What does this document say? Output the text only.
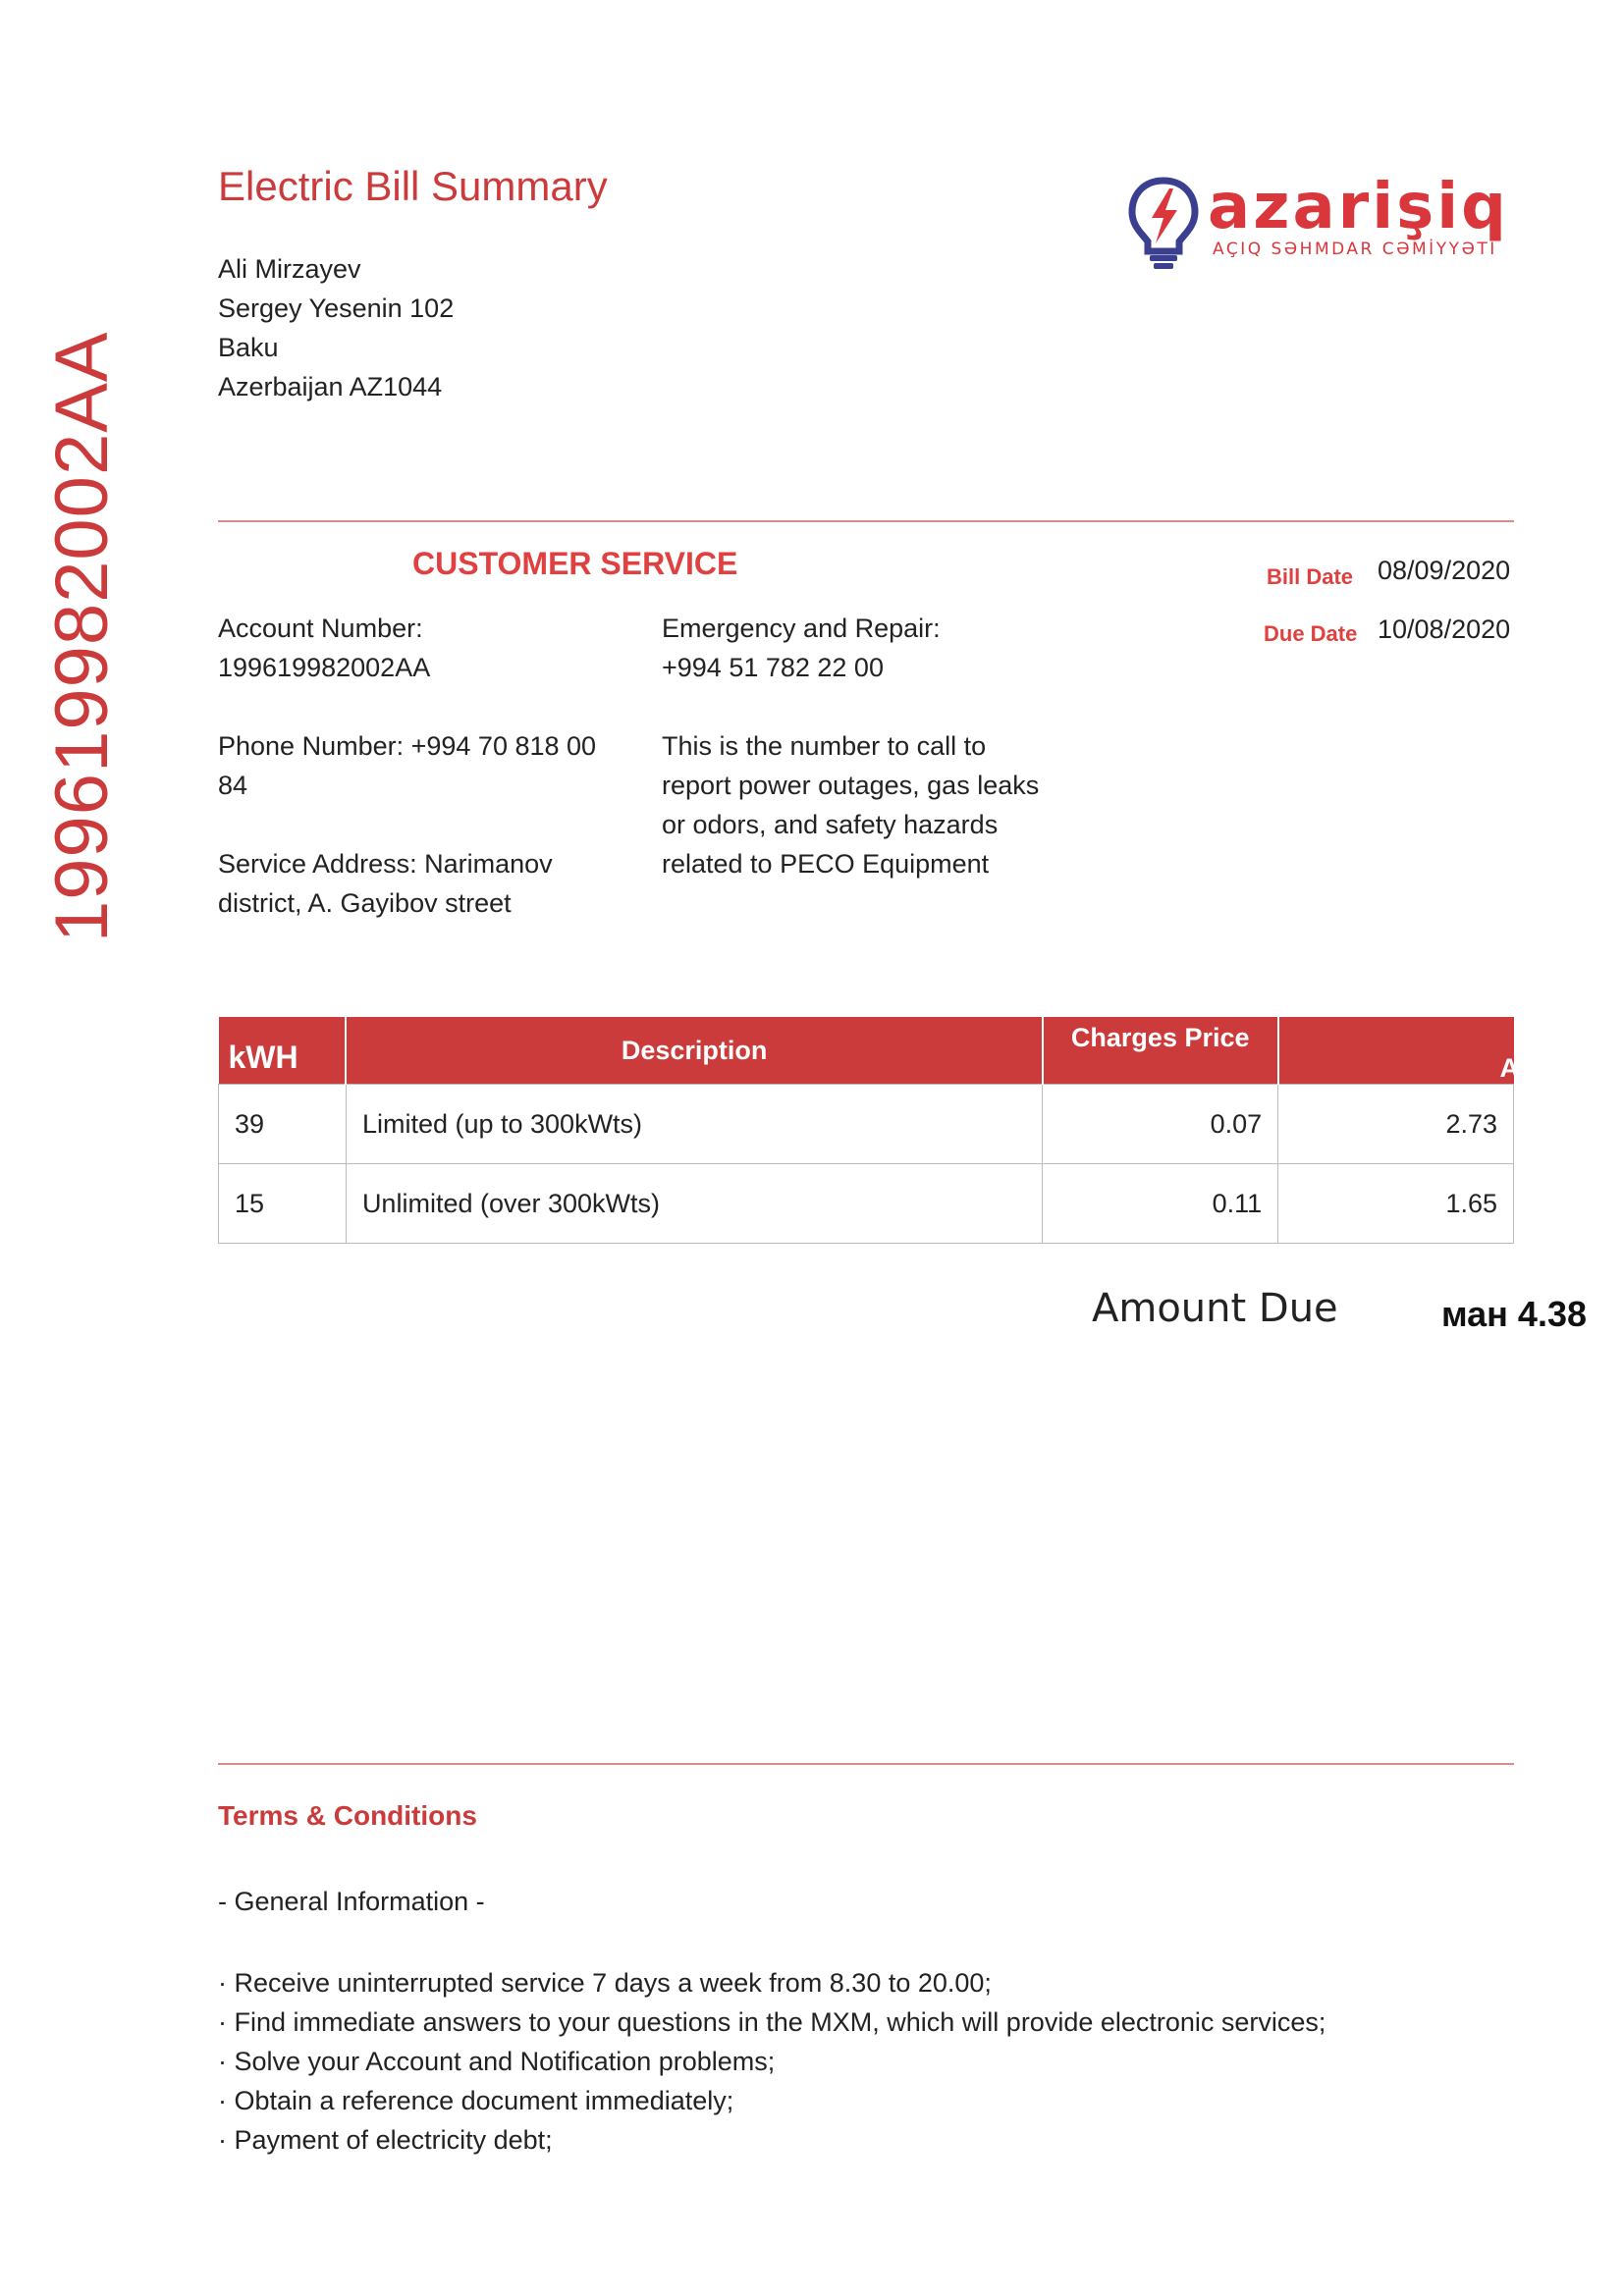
Electric Bill Summary
199619982002AA
Ali Mirzayev
Sergey Yesenin 102
Baku
Azerbaijan AZ1044
azarişiq
AÇIQ SƏHMDAR CƏMİYYƏTİ
CUSTOMER SERVICE	Bill Date 08/09/2020
Due Date 10/08/2020

Account Number:
199619982002AA

Phone Number: +994 70 818 00 84

Service Address: Narimanov district, A. Gayibov street

Emergency and Repair:
+994 51 782 22 00

This is the number to call to report power outages, gas leaks or odors, and safety hazards related to PECO Equipment

kWH	Description	Charges Price	Amount
39	Limited (up to 300kWts)	0.07	2.73
15	Unlimited (over 300kWts)	0.11	1.65
Amount Due	ман 4.38
Terms & Conditions
- General Information -
· Receive uninterrupted service 7 days a week from 8.30 to 20.00;
· Find immediate answers to your questions in the MXM, which will provide electronic services;
· Solve your Account and Notification problems;
· Obtain a reference document immediately;
· Payment of electricity debt;
